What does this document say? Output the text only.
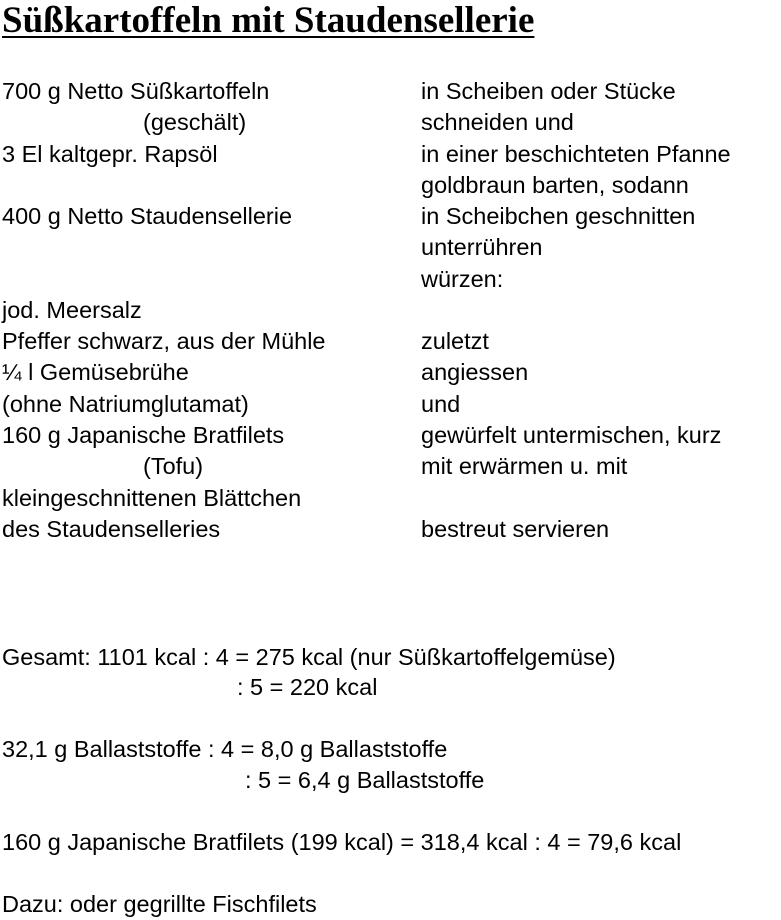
Süßkartoffeln mit Staudensellerie

700 g Netto Süßkartoffeln

(geschält)

3 El kaltgepr. Rapsöl

400 g Netto Staudensellerie

jod. Meersalz

Pfeffer schwarz, aus der Mühle

¼ l Gemüsebrühe

(ohne Natriumglutamat)

160 g Japanische Bratfilets

(Tofu)

kleingeschnittenen Blättchen

des Staudenselleries

in Scheiben oder Stücke

schneiden und

in einer beschichteten Pfanne

goldbraun barten, sodann

in Scheibchen geschnitten

unterrühren

würzen:

zuletzt

angiessen

und

gewürfelt untermischen, kurz

mit erwärmen u. mit

bestreut servieren

Gesamt: 1101 kcal : 4 = 275 kcal (nur Süßkartoffelgemüse)

: 5 = 220 kcal

32,1 g Ballaststoffe : 4 = 8,0 g Ballaststoffe

: 5 = 6,4 g Ballaststoffe

160 g Japanische Bratfilets (199 kcal) = 318,4 kcal : 4 = 79,6 kcal

Dazu: oder gegrillte Fischfilets
